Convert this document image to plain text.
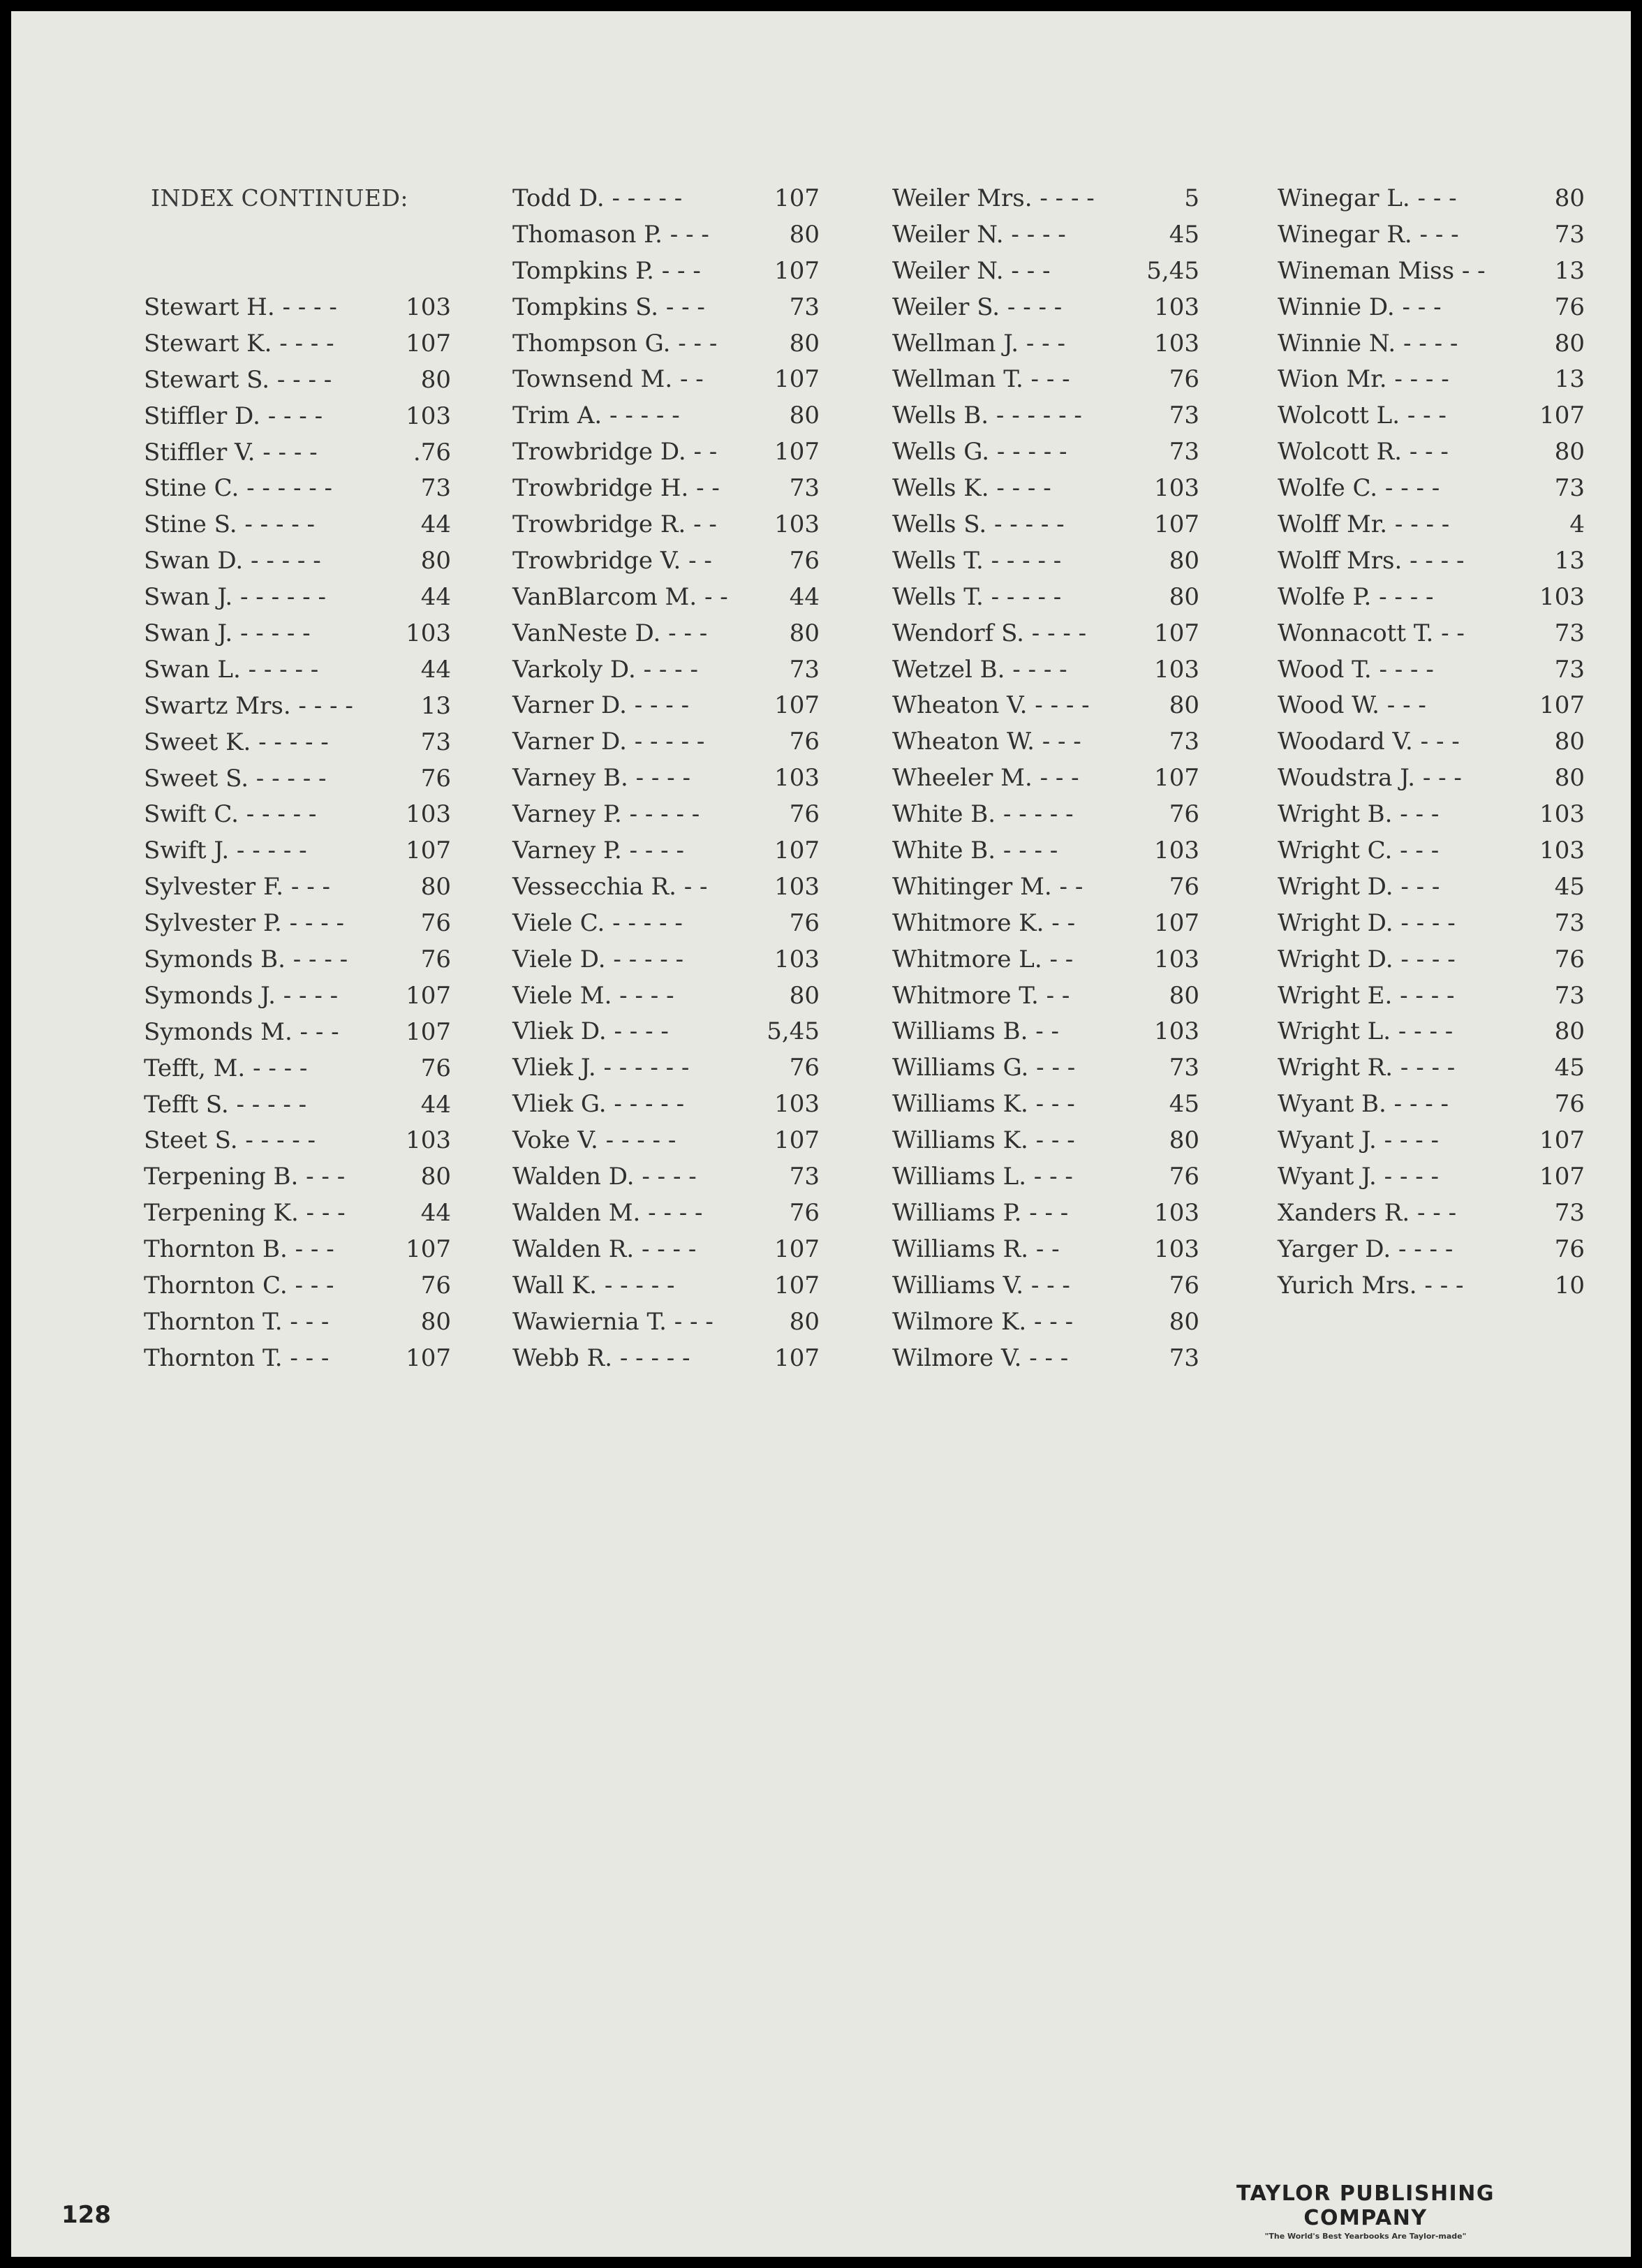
INDEX CONTINUED:
Stewart H. - - - -	103
Stewart K. - - - -	107
Stewart S. - - - -	80
Stiffler D. - - - -	103
Stiffler V. - - - -	.76
Stine C. - - - - - -	73
Stine S. - - - - -	44
Swan D. - - - - -	80
Swan J. - - - - - -	44
Swan J. - - - - -	103
Swan L. - - - - -	44
Swartz Mrs. - - - -	13
Sweet K. - - - - -	73
Sweet S. - - - - -	76
Swift C. - - - - -	103
Swift J. - - - - -	107
Sylvester F. - - -	80
Sylvester P. - - - -	76
Symonds B. - - - -	76
Symonds J. - - - -	107
Symonds M. - - -	107
Tefft, M. - - - -	76
Tefft S. - - - - -	44
Steet S. - - - - -	103
Terpening B. - - -	80
Terpening K. - - -	44
Thornton B. - - -	107
Thornton C. - - -	76
Thornton T. - - -	80
Thornton T. - - -	107
Todd D. - - - - -	107
Thomason P. - - -	80
Tompkins P. - - -	107
Tompkins S. - - -	73
Thompson G. - - -	80
Townsend M. - -	107
Trim A. - - - - -	80
Trowbridge D. - - 107
Trowbridge H. - -	73
Trowbridge R. - - 103
Trowbridge V. - -	76
VanBlarcom M. - -	44
VanNeste D. - - -	80
Varkoly D. - - - -	73
Varner D. - - - -	107
Varner D. - - - - -	76
Varney B. - - - -	103
Varney P. - - - - -	76
Varney P. - - - -	107
Vessecchia R. - -	103
Viele C. - - - - -	76
Viele D. - - - - -	103
Viele M. - - - -	80
Vliek D. - - - -	5,45
Vliek J. - - - - - -	76
Vliek G. - - - - -	103
Voke V. - - - - -	107
Walden D. - - - -	73
Walden M. - - - -	76
Walden R. - - - -	107
Wall K. - - - - -	107
Wawiernia T. - - -	80
Webb R. - - - - -	107
Weiler Mrs. - - - -	5
Weiler N. - - - -	45
Weiler N. - - -	5,45
Weiler S. - - - -	103
Wellman J. - - -	103
Wellman T. - - -	76
Wells B. - - - - - -	73
Wells G. - - - - -	73
Wells K. - - - -	103
Wells S. - - - - -	107
Wells T. - - - - -	80
Wells T. - - - - -	80
Wendorf S. - - - -	107
Wetzel B. - - - -	103
Wheaton V. - - - -	80
Wheaton W. - - -	73
Wheeler M. - - -	107
White B. - - - - -	76
White B. - - - -	103
Whitinger M. - -	76
Whitmore K. - -	107
Whitmore L. - -	103
Whitmore T. - -	80
Williams B. - -	103
Williams G. - - -	73
Williams K. - - -	45
Williams K. - - -	80
Williams L. - - -	76
Williams P. - - -	103
Williams R. - -	103
Williams V. - - -	76
Wilmore K. - - -	80
Wilmore V. - - -	73
Winegar L. - - -	80
Winegar R. - - -	73
Wineman Miss - -	13
Winnie D. - - -	76
Winnie N. - - - -	80
Wion Mr. - - - -	13
Wolcott L. - - -	107
Wolcott R. - - -	80
Wolfe C. - - - -	73
Wolff Mr. - - - -	4
Wolff Mrs. - - - -	13
Wolfe P. - - - -	103
Wonnacott T. - -	73
Wood T. - - - -	73
Wood W. - - -	107
Woodard V. - - -	80
Woudstra J. - - -	80
Wright B. - - -	103
Wright C. - - -	103
Wright D. - - -	45
Wright D. - - - -	73
Wright D. - - - -	76
Wright E. - - - -	73
Wright L. - - - -	80
Wright R. - - - -	45
Wyant B. - - - -	76
Wyant J. - - - -	107
Wyant J. - - - -	107
Xanders R. - - -	73
Yarger D. - - - -	76
Yurich Mrs. - - -	10
128
TAYLOR PUBLISHING COMPANY
"The World's Best Yearbooks Are Taylor-made"
